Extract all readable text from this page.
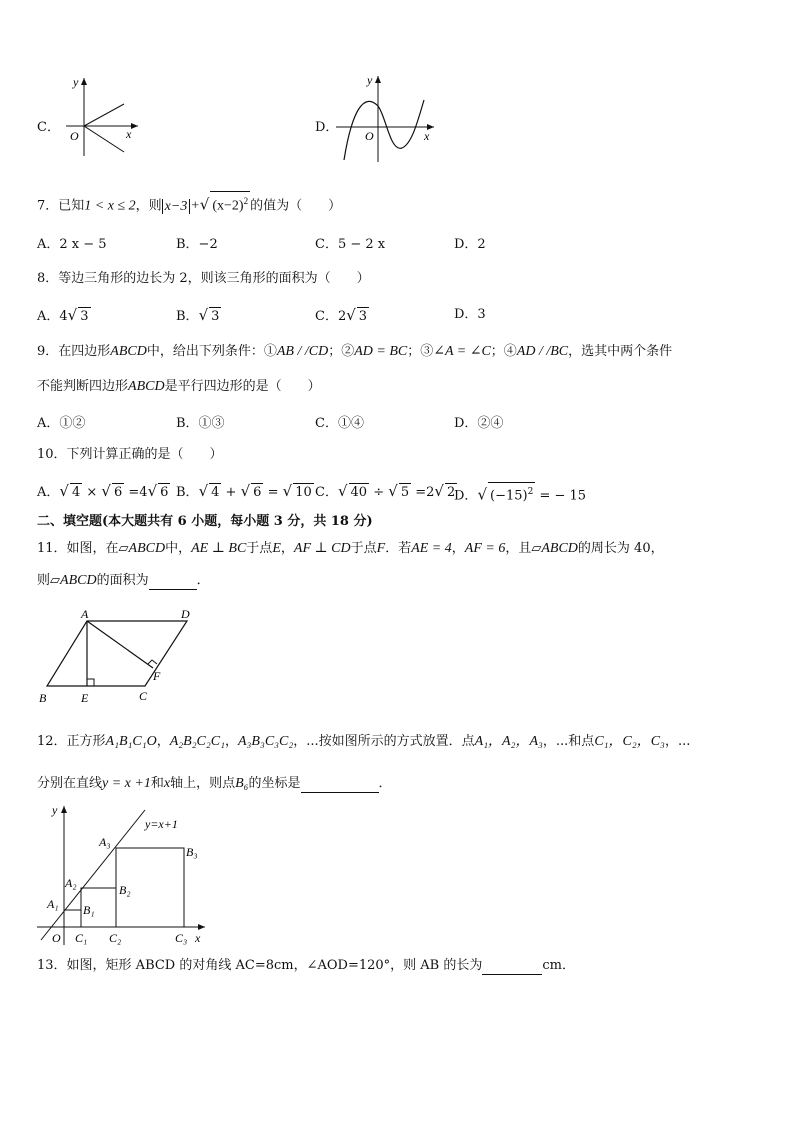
C．
y
x
O
D．
y
x
O
7．已知1 < x ≤ 2，则 x−3 +√ $(x-2)^2$ 的值为（　　）
A．2 x − 5	B．−2	C．5 − 2 x	D．2
8．等边三角形的边长为 2，则该三角形的面积为（　　）
A．4√ 3	B．√ 3	C．2√ 3	D．3
9．在四边形ABCD中，给出下列条件：①AB / /CD；②AD = BC；③∠A = ∠C；④AD / /BC，选其中两个条件
不能判断四边形ABCD是平行四边形的是（　　）
A．①②	B．①③	C．①④	D．②④
10．下列计算正确的是（　　）
A．√ 4 × √ 6 =4√ 6 B．√ 4 + √ 6 = √ 10 C．√ 40 ÷ √ 5 =2√ 2
D．√ $(-15)^2$ = − 15
二、填空题(本大题共有 6 小题，每小题 3 分，共 18 分)
11．如图，在▱ABCD中，AE ⊥ BC于点E，AF ⊥ CD于点F．若AE = 4，AF = 6，且▱ABCD的周长为 40，
则▱ABCD的面积为	．
A	D
B	E	C
F
12．正方形A₁B₁C₁O，A₂B₂C₂C₁，A₃B₃C₃C₂，...按如图所示的方式放置．点A₁，A₂，A₃，...和点C₁，C₂，C₃，...
分别在直线y = x +1和x轴上，则点B₆的坐标是	．
y
y=x+1
A₃
B₃
A₂	B₂
A₁ B₁
O C₁ C₂	C₃ x
13．如图，矩形 ABCD 的对角线 AC=8cm，∠AOD=120°，则 AB 的长为	cm．
